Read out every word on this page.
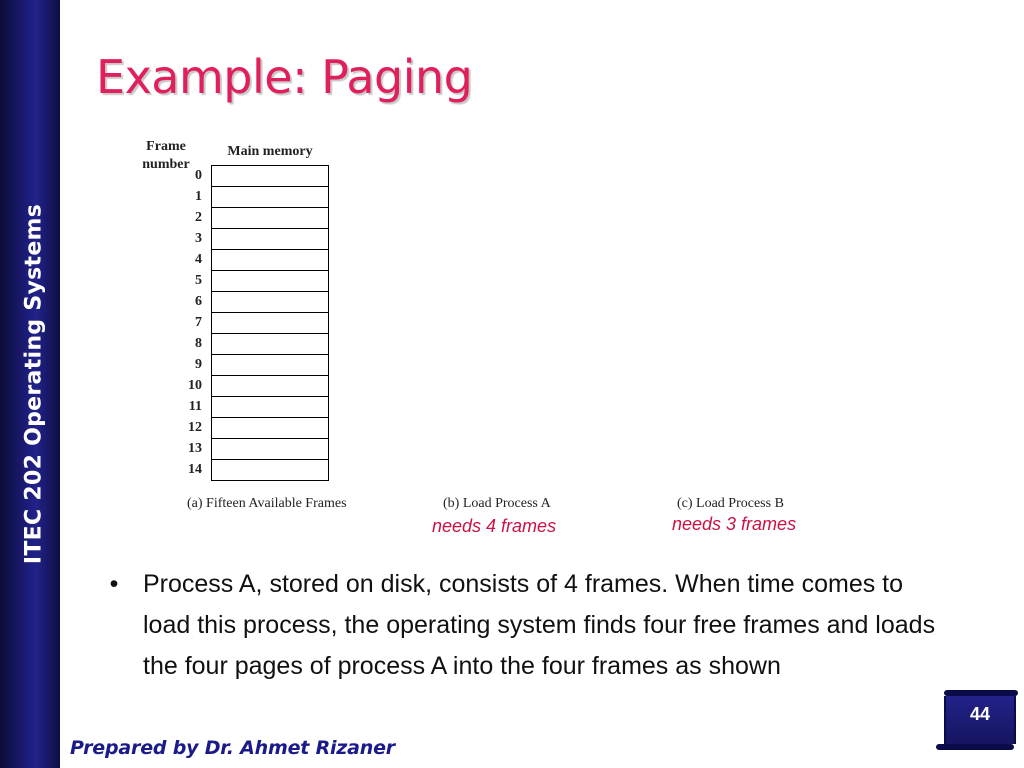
ITEC 202 Operating Systems
Example: Paging
Frame number
Main memory
0
1
2
3
4
5
6
7
8
9
10
11
12
13
14
(a) Fifteen Available Frames	(b) Load Process A	(c) Load Process B
needs 4 frames	needs 3 frames
• Process A, stored on disk, consists of 4 frames. When time comes to load this process, the operating system finds four free frames and loads the four pages of process A into the four frames as shown
44
Prepared by Dr. Ahmet Rizaner
